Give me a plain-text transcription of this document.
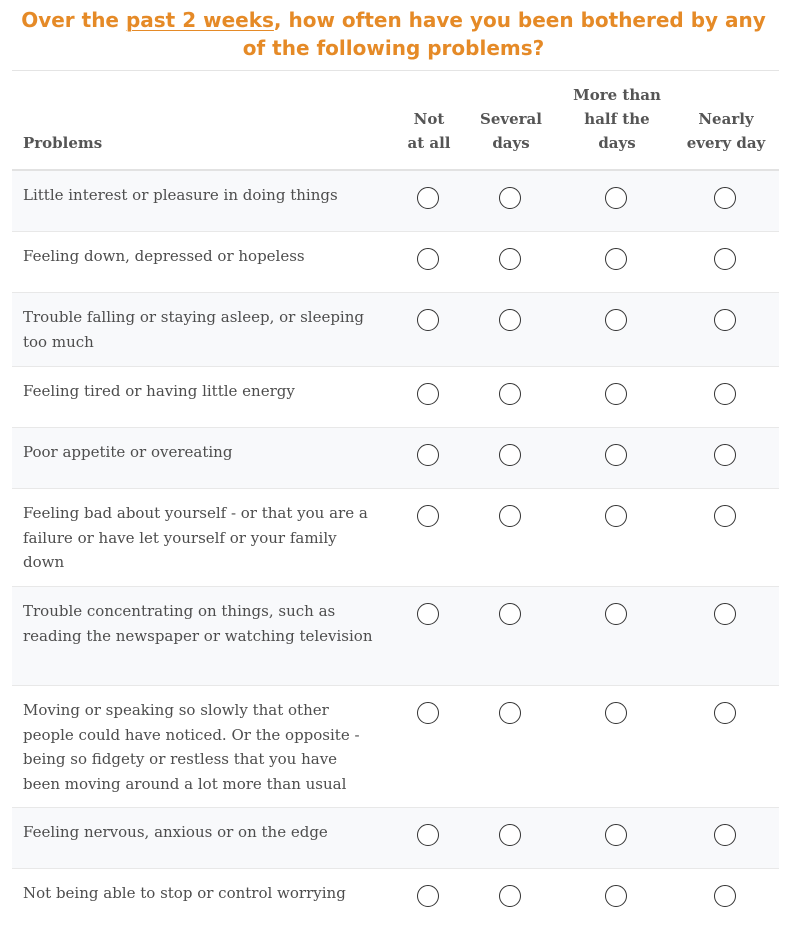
Over the past 2 weeks, how often have you been bothered by any
of the following problems?
Problems
Not
at all
Several
days
More than
half the
days
Nearly
every day
Little interest or pleasure in doing things
Feeling down, depressed or hopeless
Trouble falling or staying asleep, or sleeping too much
Feeling tired or having little energy
Poor appetite or overeating
Feeling bad about yourself - or that you are a failure or have let yourself or your family down
Trouble concentrating on things, such as reading the newspaper or watching television
Moving or speaking so slowly that other people could have noticed. Or the opposite - being so fidgety or restless that you have been moving around a lot more than usual
Feeling nervous, anxious or on the edge
Not being able to stop or control worrying
